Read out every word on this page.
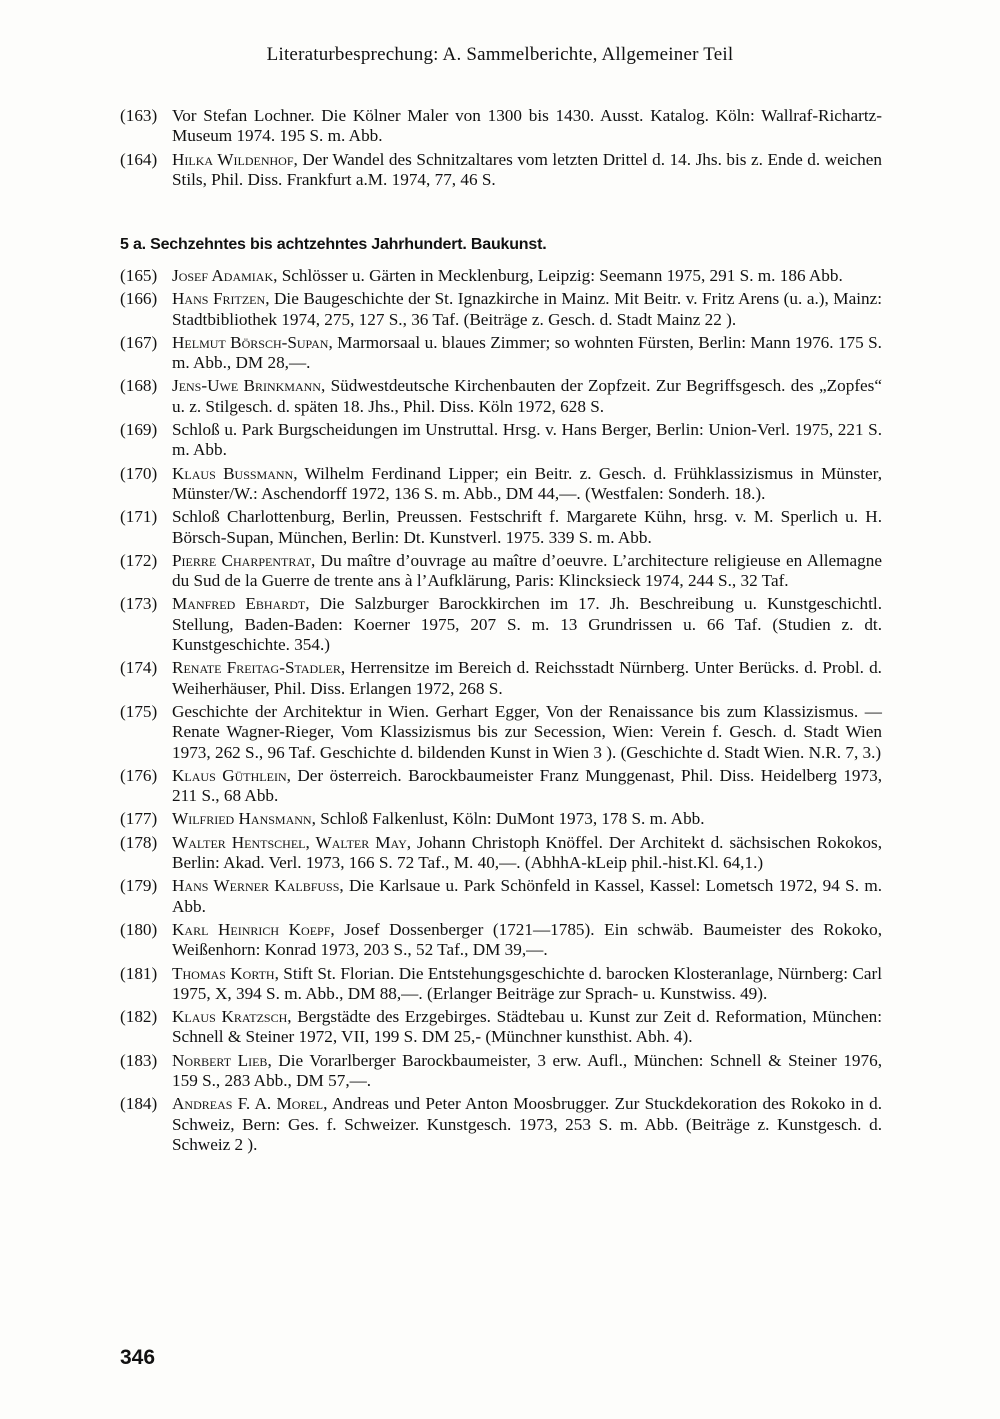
Literaturbesprechung: A. Sammelberichte, Allgemeiner Teil
(163) Vor Stefan Lochner. Die Kölner Maler von 1300 bis 1430. Ausst. Katalog. Köln: Wallraf-Richartz-Museum 1974. 195 S. m. Abb.
(164) Hilka Wildenhof, Der Wandel des Schnitzaltares vom letzten Drittel d. 14. Jhs. bis z. Ende d. weichen Stils, Phil. Diss. Frankfurt a.M. 1974, 77, 46 S.
5 a. Sechzehntes bis achtzehntes Jahrhundert. Baukunst.
(165) Josef Adamiak, Schlösser u. Gärten in Mecklenburg, Leipzig: Seemann 1975, 291 S. m. 186 Abb.
(166) Hans Fritzen, Die Baugeschichte der St. Ignazkirche in Mainz. Mit Beitr. v. Fritz Arens (u. a.), Mainz: Stadtbibliothek 1974, 275, 127 S., 36 Taf. (Beiträge z. Gesch. d. Stadt Mainz 22 ).
(167) Helmut Börsch-Supan, Marmorsaal u. blaues Zimmer; so wohnten Fürsten, Berlin: Mann 1976. 175 S. m. Abb., DM 28,—.
(168) Jens-Uwe Brinkmann, Südwestdeutsche Kirchenbauten der Zopfzeit. Zur Begriffsgesch. des „Zopfes“ u. z. Stilgesch. d. späten 18. Jhs., Phil. Diss. Köln 1972, 628 S.
(169) Schloß u. Park Burgscheidungen im Unstruttal. Hrsg. v. Hans Berger, Berlin: Union-Verl. 1975, 221 S. m. Abb.
(170) Klaus Bussmann, Wilhelm Ferdinand Lipper; ein Beitr. z. Gesch. d. Frühklassizismus in Münster, Münster/W.: Aschendorff 1972, 136 S. m. Abb., DM 44,—. (Westfalen: Sonderh. 18.).
(171) Schloß Charlottenburg, Berlin, Preussen. Festschrift f. Margarete Kühn, hrsg. v. M. Sperlich u. H. Börsch-Supan, München, Berlin: Dt. Kunstverl. 1975. 339 S. m. Abb.
(172) Pierre Charpentrat, Du maître d’ouvrage au maître d’oeuvre. L’architecture religieuse en Allemagne du Sud de la Guerre de trente ans à l’Aufklärung, Paris: Klincksieck 1974, 244 S., 32 Taf.
(173) Manfred Ebhardt, Die Salzburger Barockkirchen im 17. Jh. Beschreibung u. Kunstgeschichtl. Stellung, Baden-Baden: Koerner 1975, 207 S. m. 13 Grundrissen u. 66 Taf. (Studien z. dt. Kunstgeschichte. 354.)
(174) Renate Freitag-Stadler, Herrensitze im Bereich d. Reichsstadt Nürnberg. Unter Berücks. d. Probl. d. Weiherhäuser, Phil. Diss. Erlangen 1972, 268 S.
(175) Geschichte der Architektur in Wien. Gerhart Egger, Von der Renaissance bis zum Klassizismus. — Renate Wagner-Rieger, Vom Klassizismus bis zur Secession, Wien: Verein f. Gesch. d. Stadt Wien 1973, 262 S., 96 Taf. Geschichte d. bildenden Kunst in Wien 3 ). (Geschichte d. Stadt Wien. N.R. 7, 3.)
(176) Klaus Güthlein, Der österreich. Barockbaumeister Franz Munggenast, Phil. Diss. Heidelberg 1973, 211 S., 68 Abb.
(177) Wilfried Hansmann, Schloß Falkenlust, Köln: DuMont 1973, 178 S. m. Abb.
(178) Walter Hentschel, Walter May, Johann Christoph Knöffel. Der Architekt d. sächsischen Rokokos, Berlin: Akad. Verl. 1973, 166 S. 72 Taf., M. 40,—. (AbhhA-kLeip phil.-hist.Kl. 64,1.)
(179) Hans Werner Kalbfuss, Die Karlsaue u. Park Schönfeld in Kassel, Kassel: Lometsch 1972, 94 S. m. Abb.
(180) Karl Heinrich Koepf, Josef Dossenberger (1721—1785). Ein schwäb. Baumeister des Rokoko, Weißenhorn: Konrad 1973, 203 S., 52 Taf., DM 39,—.
(181) Thomas Korth, Stift St. Florian. Die Entstehungsgeschichte d. barocken Klosteranlage, Nürnberg: Carl 1975, X, 394 S. m. Abb., DM 88,—. (Erlanger Beiträge zur Sprach- u. Kunstwiss. 49).
(182) Klaus Kratzsch, Bergstädte des Erzgebirges. Städtebau u. Kunst zur Zeit d. Reformation, München: Schnell & Steiner 1972, VII, 199 S. DM 25,- (Münchner kunsthist. Abh. 4).
(183) Norbert Lieb, Die Vorarlberger Barockbaumeister, 3 erw. Aufl., München: Schnell & Steiner 1976, 159 S., 283 Abb., DM 57,—.
(184) Andreas F. A. Morel, Andreas und Peter Anton Moosbrugger. Zur Stuckdekoration des Rokoko in d. Schweiz, Bern: Ges. f. Schweizer. Kunstgesch. 1973, 253 S. m. Abb. (Beiträge z. Kunstgesch. d. Schweiz 2 ).
346
